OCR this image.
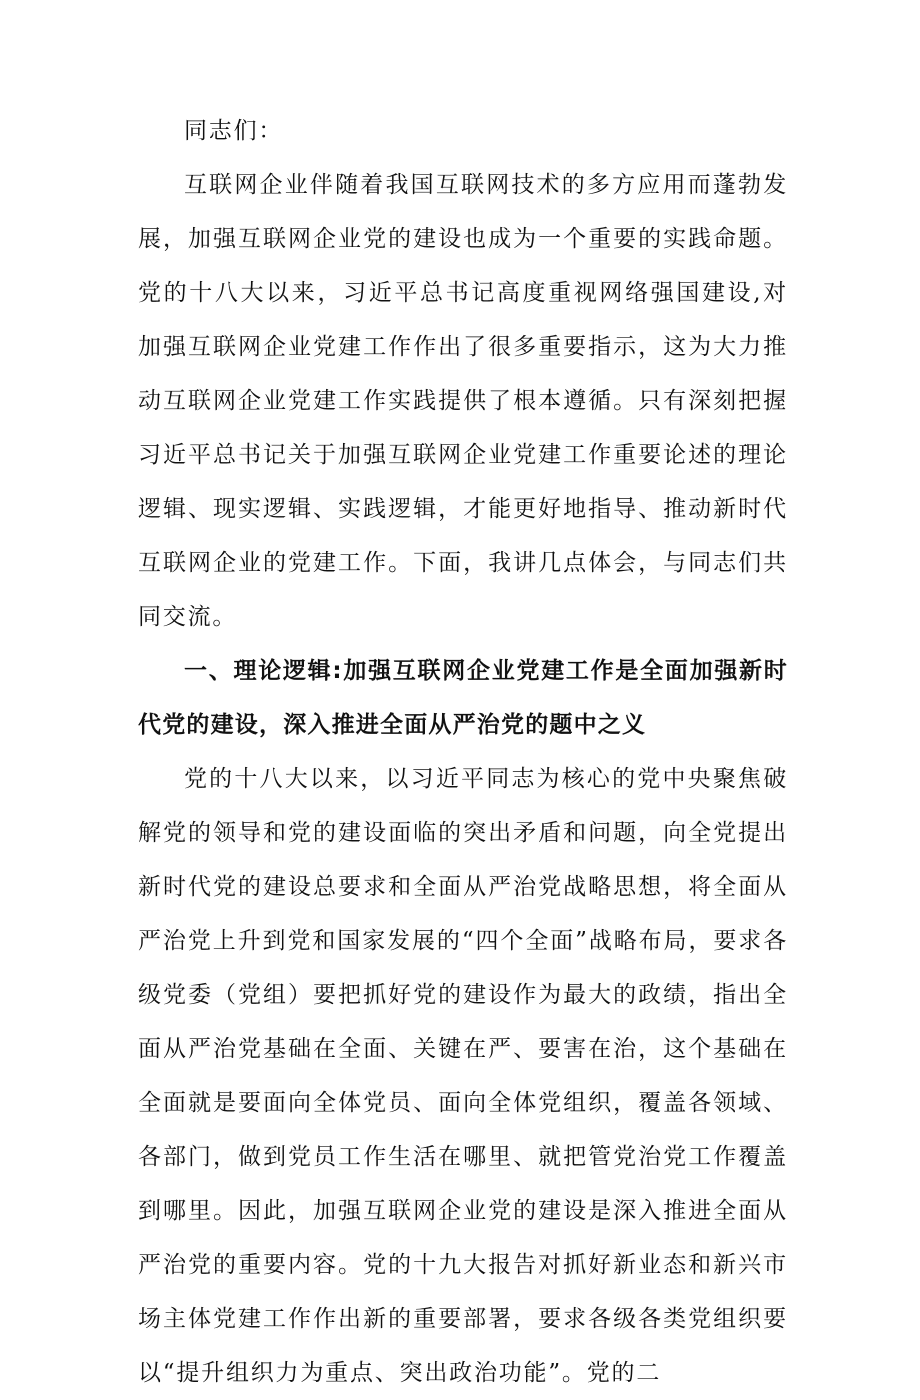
同志们：

互联网企业伴随着我国互联网技术的多方应用而蓬勃发展，加强互联网企业党的建设也成为一个重要的实践命题。党的十八大以来，习近平总书记高度重视网络强国建设,对加强互联网企业党建工作作出了很多重要指示，这为大力推动互联网企业党建工作实践提供了根本遵循。只有深刻把握习近平总书记关于加强互联网企业党建工作重要论述的理论逻辑、现实逻辑、实践逻辑，才能更好地指导、推动新时代互联网企业的党建工作。下面，我讲几点体会，与同志们共同交流。

一、理论逻辑:加强互联网企业党建工作是全面加强新时代党的建设，深入推进全面从严治党的题中之义

党的十八大以来，以习近平同志为核心的党中央聚焦破解党的领导和党的建设面临的突出矛盾和问题，向全党提出新时代党的建设总要求和全面从严治党战略思想，将全面从严治党上升到党和国家发展的“四个全面”战略布局，要求各级党委（党组）要把抓好党的建设作为最大的政绩，指出全面从严治党基础在全面、关键在严、要害在治，这个基础在全面就是要面向全体党员、面向全体党组织，覆盖各领域、各部门，做到党员工作生活在哪里、就把管党治党工作覆盖到哪里。因此，加强互联网企业党的建设是深入推进全面从严治党的重要内容。党的十九大报告对抓好新业态和新兴市场主体党建工作作出新的重要部署，要求各级各类党组织要以“提升组织力为重点、突出政治功能”。党的二
